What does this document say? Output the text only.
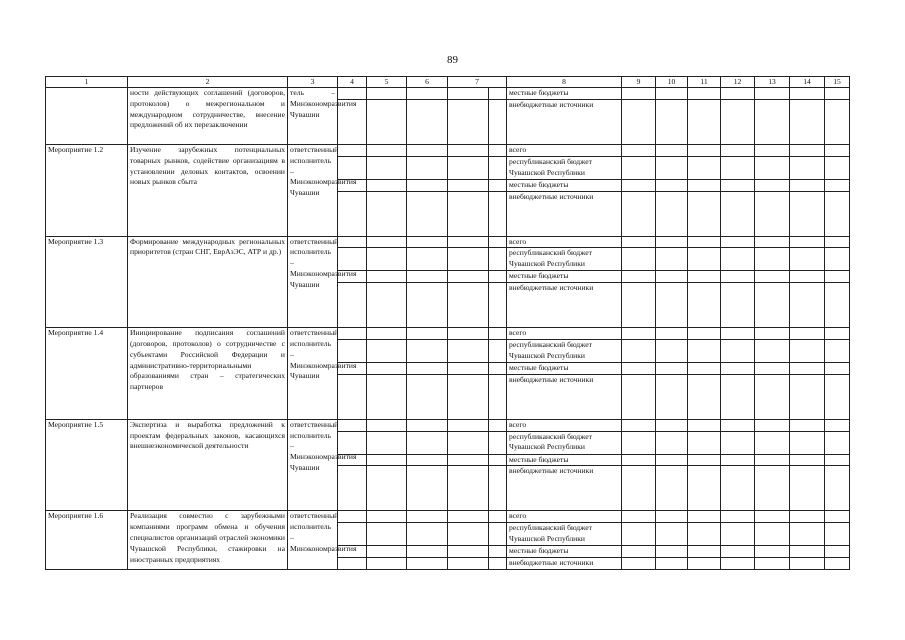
89
1	2	3	4	5	6	7		8	9	10	11	12	13	14	15
	ности действующих соглашений (договоров, протоколов) о межрегиональном и международном сотрудничестве, внесение предложений об их перезаключении	тель – Минэкономразвития Чувашии						местные бюджеты							

								внебюджетные источники							

Мероприятие 1.2	Изучение зарубежных потенциальных товарных рынков, содействие организациям в установлении деловых контактов, освоении новых рынков сбыта	ответственный исполнитель – Минэкономразвития Чувашии						всего							

								республиканский бюджет Чувашской Республики							

								местные бюджеты							

								внебюджетные источники							

Мероприятие 1.3	Формирование международных региональных приоритетов (стран СНГ, ЕврАзЭС, АТР и др.)	ответственный исполнитель – Минэкономразвития Чувашии						всего							

								республиканский бюджет Чувашской Республики							

								местные бюджеты							

								внебюджетные источники							

Мероприятие 1.4	Инициирование подписания соглашений (договоров, протоколов) о сотрудничестве с субъектами Российской Федерации и административно-территориальными образованиями стран – стратегических партнеров	ответственный исполнитель – Минэкономразвития Чувашии						всего							

								республиканский бюджет Чувашской Республики							

								местные бюджеты							

								внебюджетные источники							

Мероприятие 1.5	Экспертиза и выработка предложений к проектам федеральных законов, касающихся внешнеэкономической деятельности	ответственный исполнитель – Минэкономразвития Чувашии						всего							

								республиканский бюджет Чувашской Республики							

								местные бюджеты							

								внебюджетные источники							

Мероприятие 1.6	Реализация совместно с зарубежными компаниями программ обмена и обучения специалистов организаций отраслей экономики Чувашской Республики, стажировки на иностранных предприятиях	ответственный исполнитель – Минэкономразвития						всего							

								республиканский бюджет Чувашской Республики							

								местные бюджеты							

								внебюджетные источники							
